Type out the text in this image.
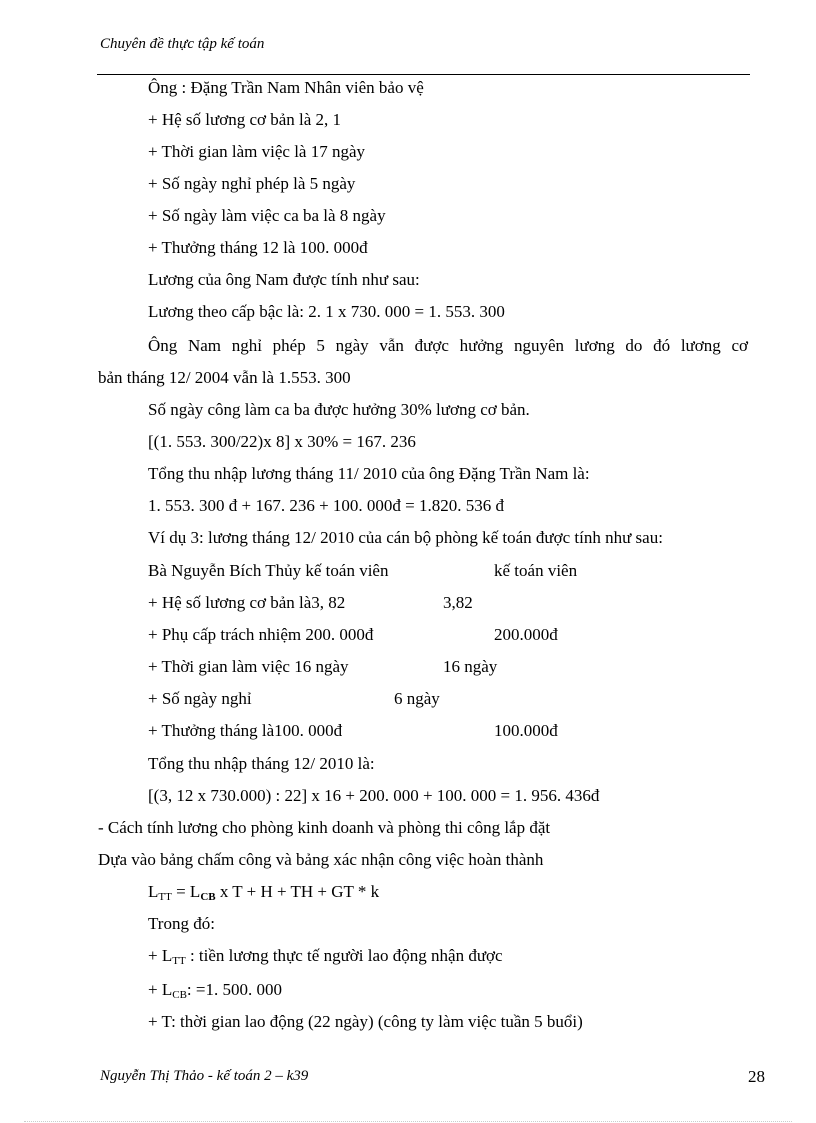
Chuyên đề thực tập kế toán
Ông : Đặng Trần Nam Nhân viên bảo vệ
+ Hệ số lương cơ bản là 2, 1
+ Thời gian làm việc là 17 ngày
+ Số ngày nghỉ phép là 5 ngày
+ Số ngày làm việc ca ba là 8 ngày
+ Thưởng tháng 12 là 100. 000đ
Lương của ông Nam được tính như sau:
Lương theo cấp bậc là: 2. 1 x 730. 000 = 1. 553. 300
Ông Nam nghỉ phép 5 ngày vẫn được hưởng nguyên lương do đó lương cơ
bản tháng 12/ 2004 vẫn là 1.553. 300
Số ngày công làm ca ba được hưởng 30% lương cơ bản.
[(1. 553. 300/22)x 8] x 30% = 167. 236
Tổng thu nhập lương tháng 11/ 2010 của ông Đặng Trần Nam là:
1. 553. 300 đ + 167. 236 + 100. 000đ = 1.820. 536 đ
Ví dụ 3: lương tháng 12/ 2010 của cán bộ phòng kế toán được tính như sau:
Bà Nguyễn Bích Thủy kế toán viên	kế toán viên
+ Hệ số lương cơ bản là3, 82	3,82
+ Phụ cấp trách nhiệm 200. 000đ	200.000đ
+ Thời gian làm việc 16 ngày	16 ngày
+ Số ngày nghỉ	6 ngày
+ Thưởng tháng là100. 000đ	100.000đ
Tổng thu nhập tháng 12/ 2010 là:
[(3, 12 x 730.000) : 22] x 16 + 200. 000 + 100. 000 = 1. 956. 436đ
- Cách tính lương cho phòng kinh doanh và phòng thi công lắp đặt
Dựa vào bảng chấm công và bảng xác nhận công việc hoàn thành
$L_{TT} = L_{CB}$ x T + H + TH + GT * k
Trong đó:
+ $L_{TT}$ : tiền lương thực tế người lao động nhận được
+ $L_{CB}$: =1. 500. 000
+ T: thời gian lao động (22 ngày) (công ty làm việc tuần 5 buổi)
Nguyễn Thị Thảo - kế toán 2 – k39	28
